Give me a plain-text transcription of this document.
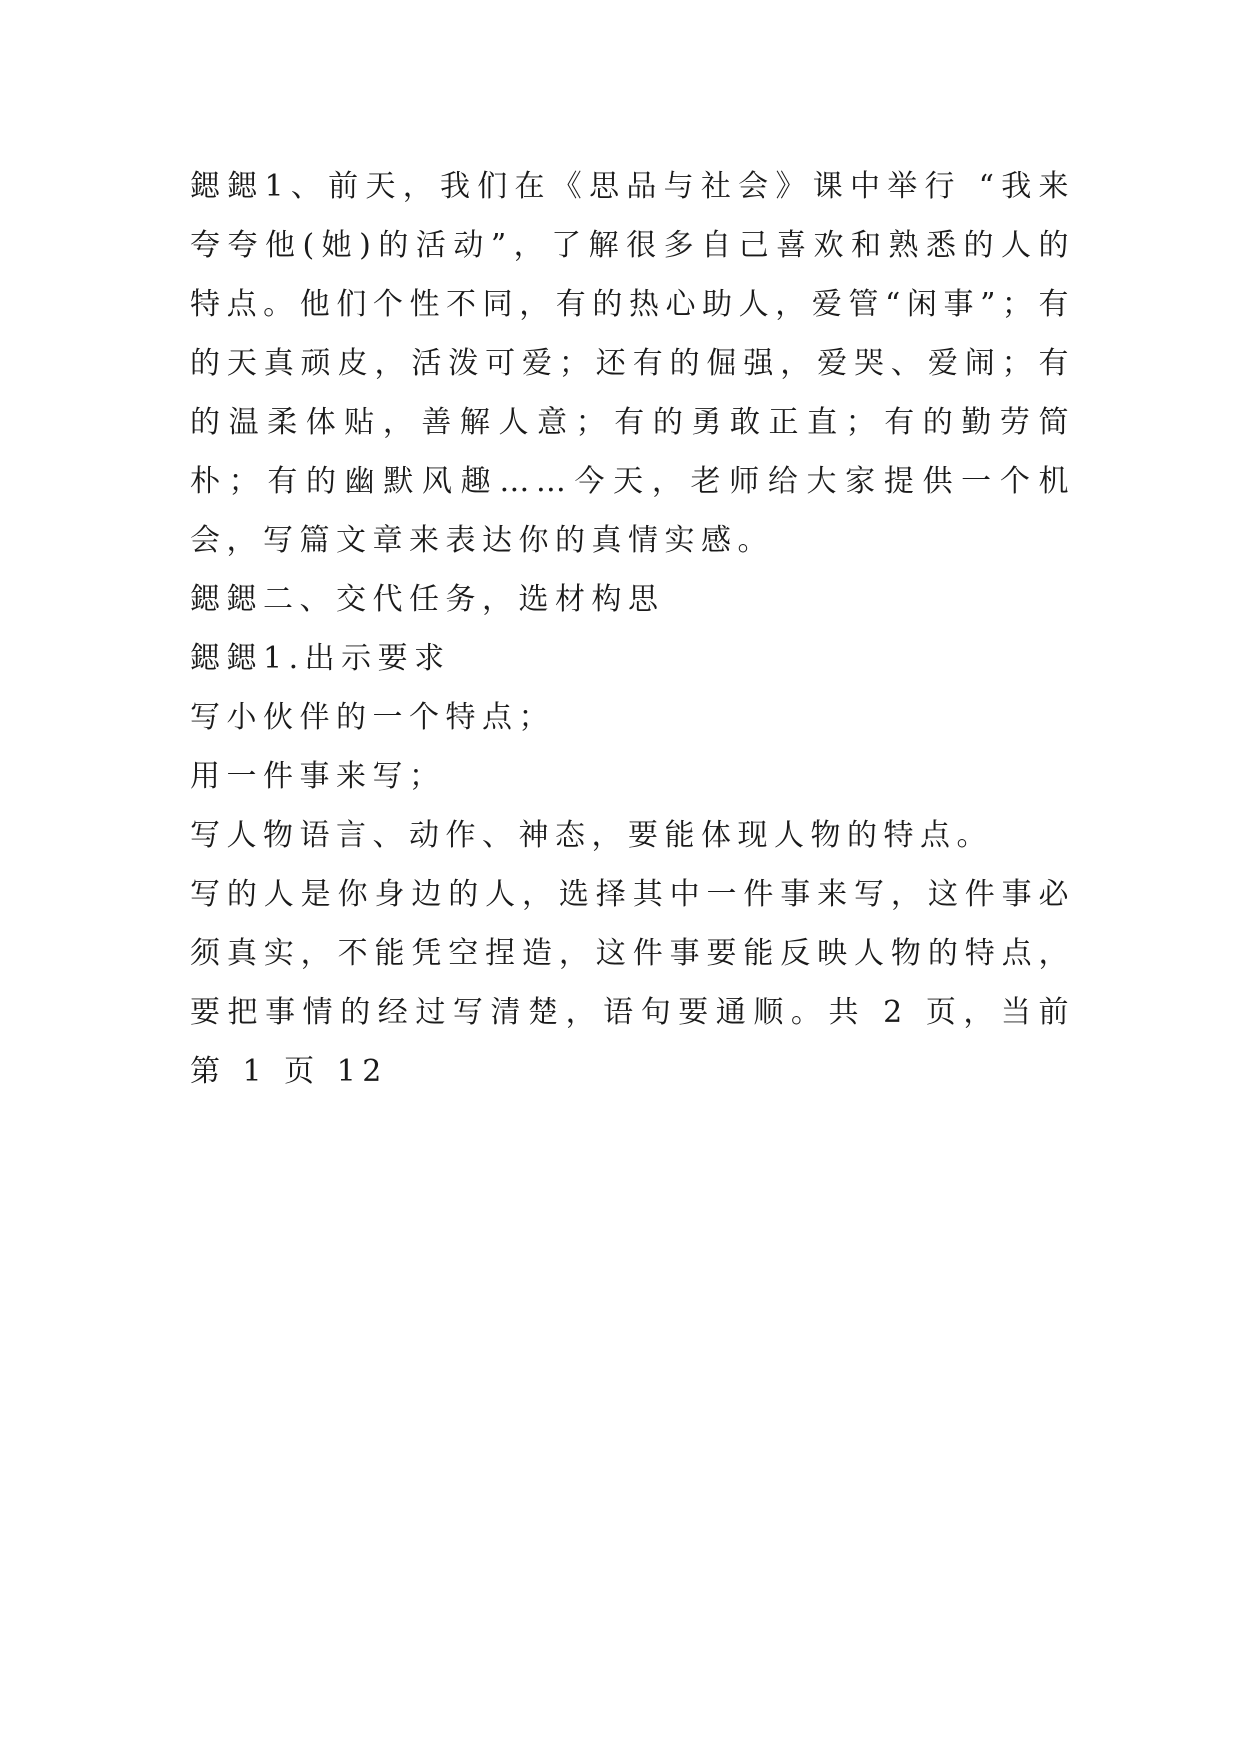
鍶鍶1、前天，我们在《思品与社会》课中举行 “我来夸夸他(她)的活动”，了解很多自己喜欢和熟悉的人的特点。他们个性不同，有的热心助人，爱管“闲事”；有的天真顽皮，活泼可爱；还有的倔强，爱哭、爱闹；有的温柔体贴，善解人意；有的勇敢正直；有的勤劳简朴；有的幽默风趣……今天，老师给大家提供一个机会，写篇文章来表达你的真情实感。

鍶鍶二、交代任务，选材构思

鍶鍶1.出示要求

写小伙伴的一个特点；

用一件事来写；

写人物语言、动作、神态，要能体现人物的特点。

写的人是你身边的人，选择其中一件事来写，这件事必须真实，不能凭空捏造，这件事要能反映人物的特点，要把事情的经过写清楚，语句要通顺。共 2 页，当前第 1 页 12
